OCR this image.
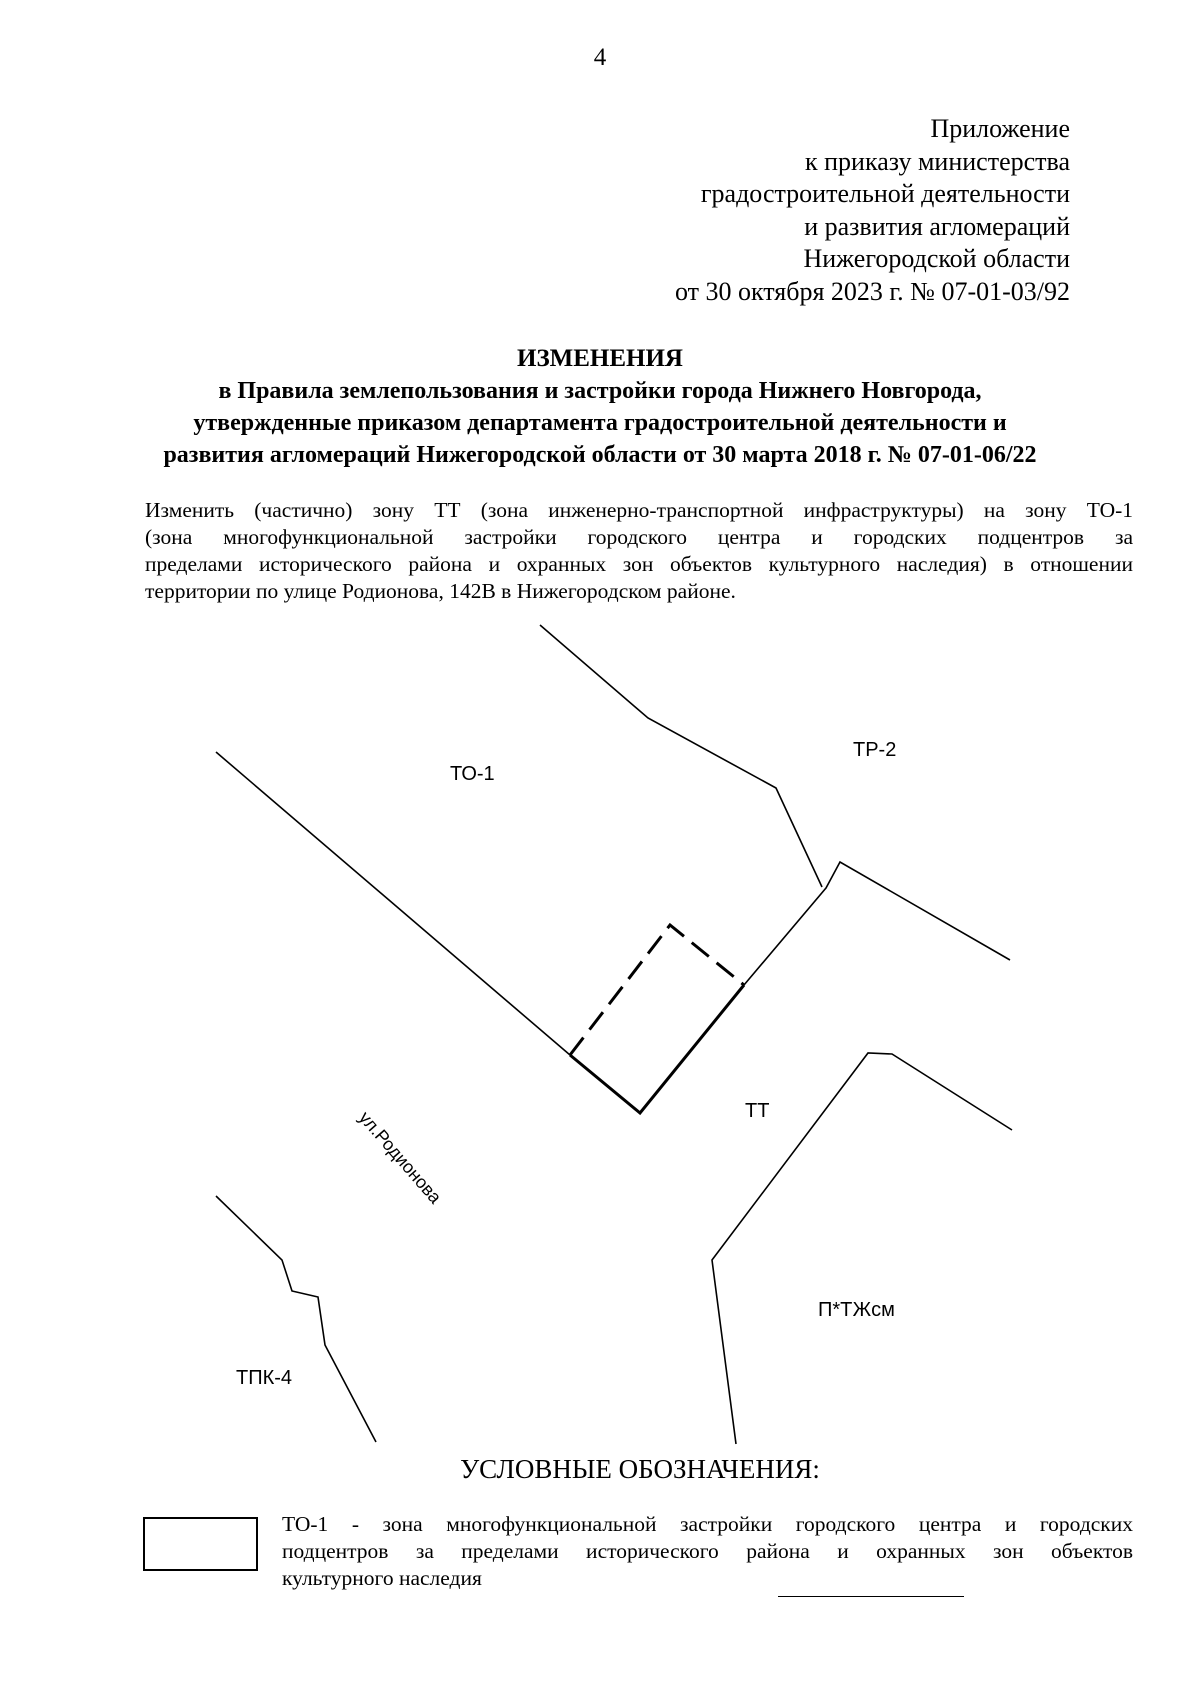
4
Приложение
к приказу министерства
градостроительной деятельности
и развития агломераций
Нижегородской области
от 30 октября 2023 г. № 07-01-03/92
ИЗМЕНЕНИЯ
в Правила землепользования и застройки города Нижнего Новгорода,
утвержденные приказом департамента градостроительной деятельности и
развития агломераций Нижегородской области от 30 марта 2018 г. № 07-01-06/22
Изменить (частично) зону ТТ (зона инженерно-транспортной инфраструктуры) на зону ТО-1
(зона многофункциональной застройки городского центра и городских подцентров за
пределами исторического района и охранных зон объектов культурного наследия) в отношении
территории по улице Родионова, 142В в Нижегородском районе.
ТО-1
ТР-2
ТТ
П*ТЖсм
ТПК-4
ул.Родионова
УСЛОВНЫЕ ОБОЗНАЧЕНИЯ:
ТО-1 - зона многофункциональной застройки городского центра и городских
подцентров за пределами исторического района и охранных зон объектов
культурного наследия
